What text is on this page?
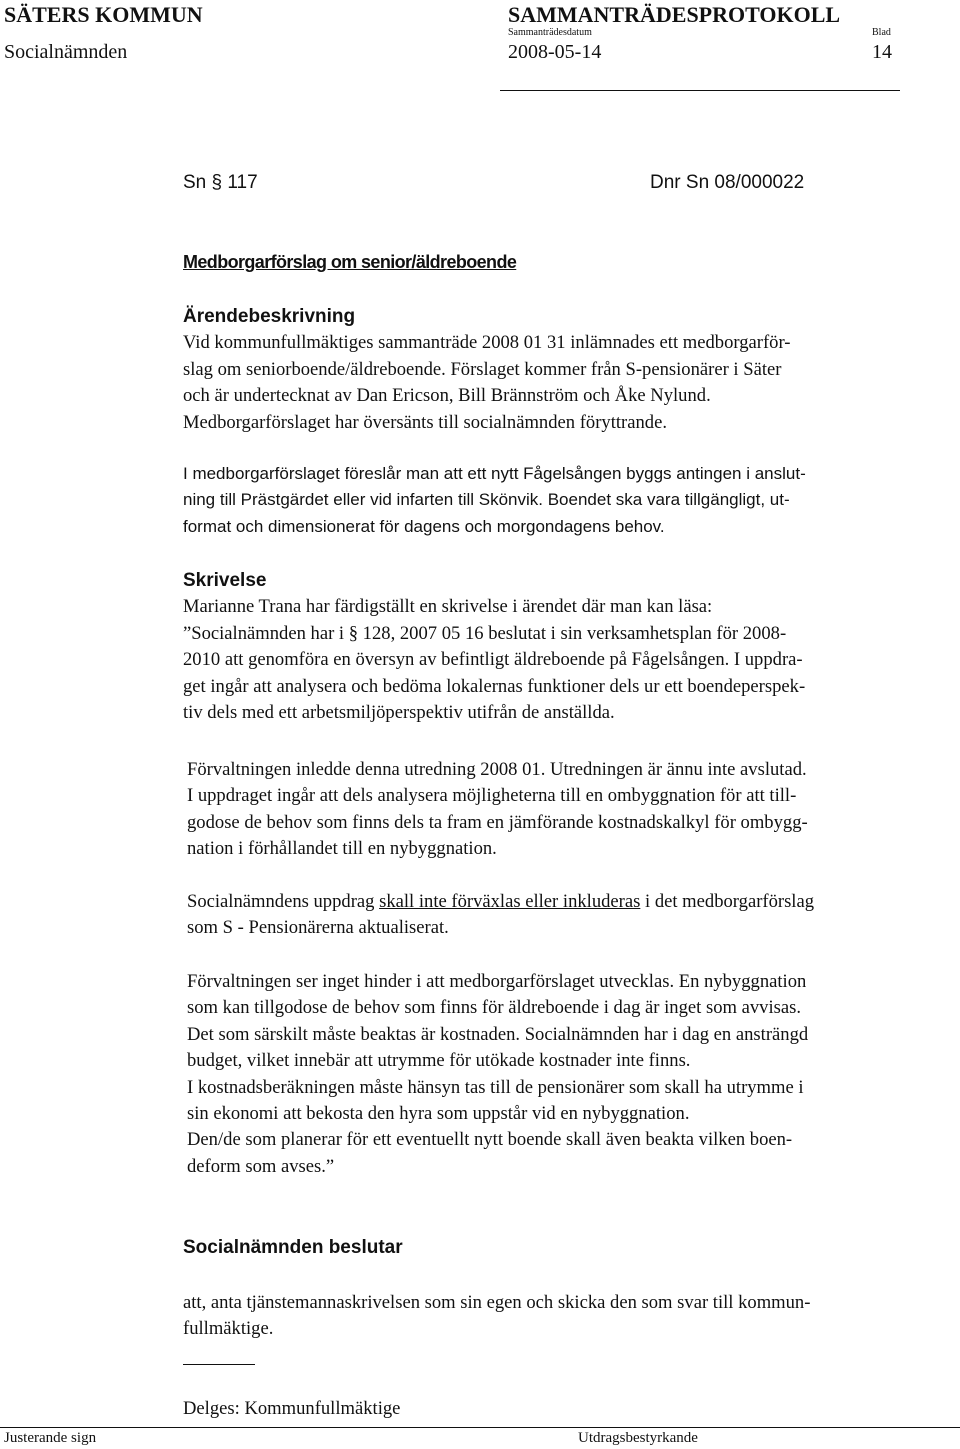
SÄTERS KOMMUN	SAMMANTRÄDESPROTOKOLL
Sammanträdesdatum	Blad
Socialnämnden	2008-05-14	14
Sn § 117	Dnr Sn 08/000022
Medborgarförslag om senior/äldreboende
Ärendebeskrivning
Vid kommunfullmäktiges sammanträde 2008 01 31 inlämnades ett medborgarför-
slag om seniorboende/äldreboende. Förslaget kommer från S-pensionärer i Säter
och är undertecknat av Dan Ericson, Bill Brännström och Åke Nylund.
Medborgarförslaget har översänts till socialnämnden föryttrande.
I medborgarförslaget föreslår man att ett nytt Fågelsången byggs antingen i anslut-
ning till Prästgärdet eller vid infarten till Skönvik. Boendet ska vara tillgängligt, ut-
format och dimensionerat för dagens och morgondagens behov.
Skrivelse
Marianne Trana har färdigställt en skrivelse i ärendet där man kan läsa:
”Socialnämnden har i § 128, 2007 05 16 beslutat i sin verksamhetsplan för 2008-
2010 att genomföra en översyn av befintligt äldreboende på Fågelsången. I uppdra-
get ingår att analysera och bedöma lokalernas funktioner dels ur ett boendeperspek-
tiv dels med ett arbetsmiljöperspektiv utifrån de anställda.
Förvaltningen inledde denna utredning 2008 01. Utredningen är ännu inte avslutad.
I uppdraget ingår att dels analysera möjligheterna till en ombyggnation för att till-
godose de behov som finns dels ta fram en jämförande kostnadskalkyl för ombygg-
nation i förhållandet till en nybyggnation.
Socialnämndens uppdrag skall inte förväxlas eller inkluderas i det medborgarförslag
som S - Pensionärerna aktualiserat.
Förvaltningen ser inget hinder i att medborgarförslaget utvecklas. En nybyggnation
som kan tillgodose de behov som finns för äldreboende i dag är inget som avvisas.
Det som särskilt måste beaktas är kostnaden. Socialnämnden har i dag en ansträngd
budget, vilket innebär att utrymme för utökade kostnader inte finns.
I kostnadsberäkningen måste hänsyn tas till de pensionärer som skall ha utrymme i
sin ekonomi att bekosta den hyra som uppstår vid en nybyggnation.
Den/de som planerar för ett eventuellt nytt boende skall även beakta vilken boen-
deform som avses.”
Socialnämnden beslutar
att, anta tjänstemannaskrivelsen som sin egen och skicka den som svar till kommun-
fullmäktige.
Delges: Kommunfullmäktige
Justerande sign	Utdragsbestyrkande
